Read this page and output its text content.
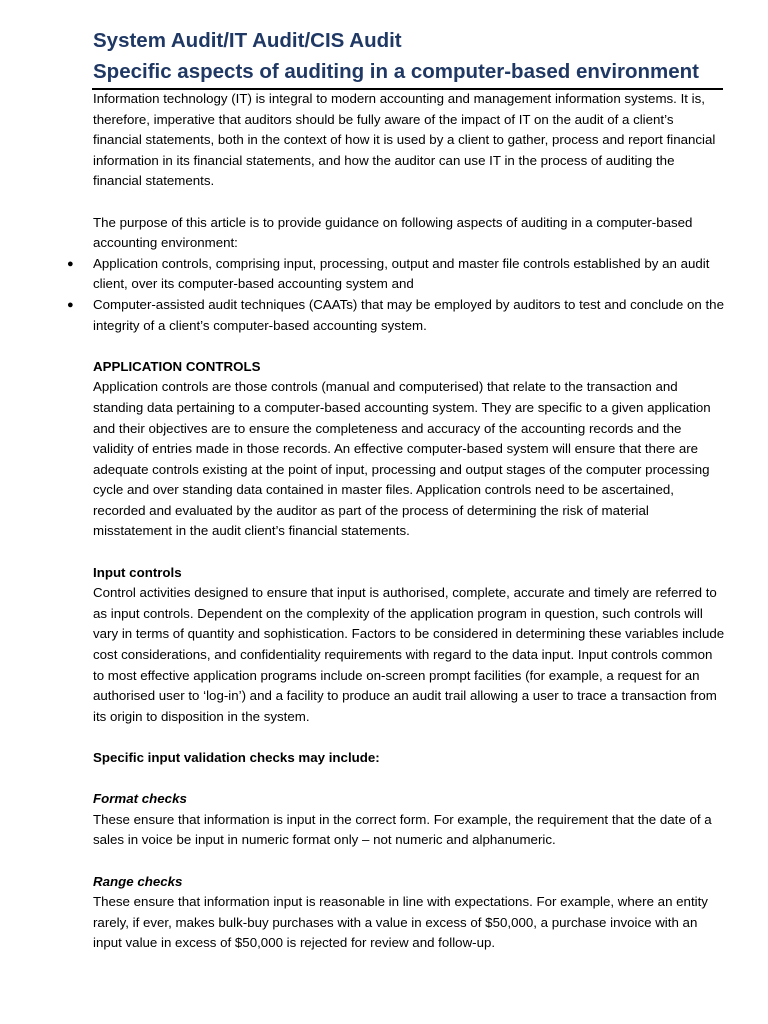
System Audit/IT Audit/CIS Audit
Specific aspects of auditing in a computer-based environment

Information technology (IT) is integral to modern accounting and management information systems. It is, therefore, imperative that auditors should be fully aware of the impact of IT on the audit of a client’s financial statements, both in the context of how it is used by a client to gather, process and report financial information in its financial statements, and how the auditor can use IT in the process of auditing the financial statements.

The purpose of this article is to provide guidance on following aspects of auditing in a computer-based accounting environment:

● Application controls, comprising input, processing, output and master file controls established by an audit client, over its computer-based accounting system and
● Computer-assisted audit techniques (CAATs) that may be employed by auditors to test and conclude on the integrity of a client’s computer-based accounting system.

APPLICATION CONTROLS

Application controls are those controls (manual and computerised) that relate to the transaction and standing data pertaining to a computer-based accounting system. They are specific to a given application and their objectives are to ensure the completeness and accuracy of the accounting records and the validity of entries made in those records. An effective computer-based system will ensure that there are adequate controls existing at the point of input, processing and output stages of the computer processing cycle and over standing data contained in master files. Application controls need to be ascertained, recorded and evaluated by the auditor as part of the process of determining the risk of material misstatement in the audit client’s financial statements.

Input controls

Control activities designed to ensure that input is authorised, complete, accurate and timely are referred to as input controls. Dependent on the complexity of the application program in question, such controls will vary in terms of quantity and sophistication. Factors to be considered in determining these variables include cost considerations, and confidentiality requirements with regard to the data input. Input controls common to most effective application programs include on-screen prompt facilities (for example, a request for an authorised user to ‘log-in’) and a facility to produce an audit trail allowing a user to trace a transaction from its origin to disposition in the system.

Specific input validation checks may include:

Format checks

These ensure that information is input in the correct form. For example, the requirement that the date of a sales in voice be input in numeric format only – not numeric and alphanumeric.

Range checks

These ensure that information input is reasonable in line with expectations. For example, where an entity rarely, if ever, makes bulk-buy purchases with a value in excess of $50,000, a purchase invoice with an input value in excess of $50,000 is rejected for review and follow-up.
